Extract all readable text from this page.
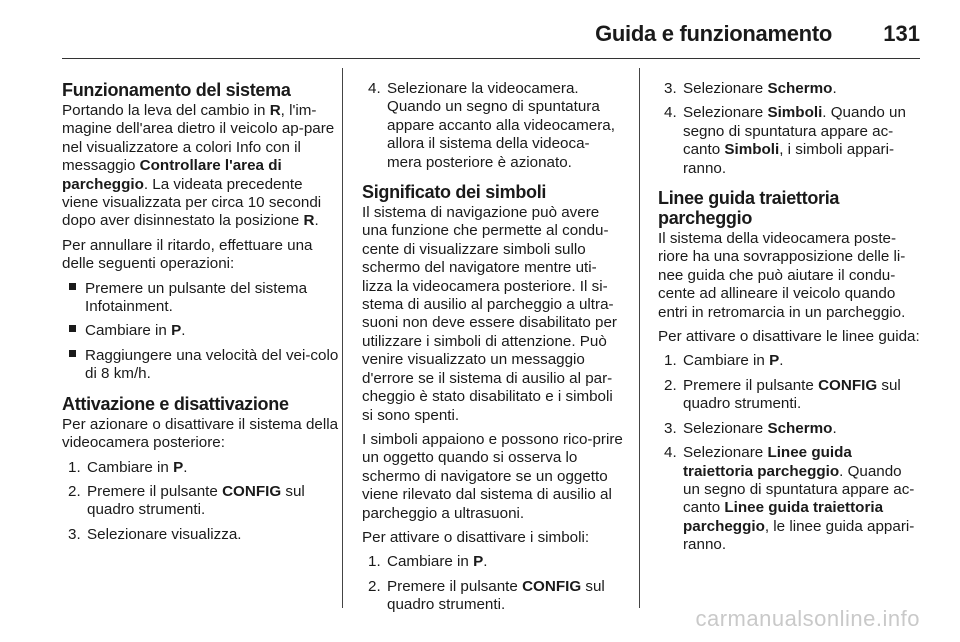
Guida e funzionamento 131
Funzionamento del sistema

Portando la leva del cambio in R, l'im-magine dell'area dietro il veicolo ap-pare nel visualizzatore a colori Info con il messaggio Controllare l'area di parcheggio. La videata precedente viene visualizzata per circa 10 secondi dopo aver disinnestato la posizione R.

Per annullare il ritardo, effettuare una delle seguenti operazioni:

Premere un pulsante del sistema Infotainment.
Cambiare in P.
Raggiungere una velocità del vei-colo di 8 km/h.
Attivazione e disattivazione

Per azionare o disattivare il sistema della videocamera posteriore:

1. Cambiare in P.
2. Premere il pulsante CONFIG sul quadro strumenti.
3. Selezionare visualizza.
4. Selezionare la videocamera. Quando un segno di spuntatura appare accanto alla videocamera, allora il sistema della videoca-mera posteriore è azionato.
Significato dei simboli

Il sistema di navigazione può avere una funzione che permette al condu-cente di visualizzare simboli sullo schermo del navigatore mentre uti-lizza la videocamera posteriore. Il si-stema di ausilio al parcheggio a ultra-suoni non deve essere disabilitato per utilizzare i simboli di attenzione. Può venire visualizzato un messaggio d'errore se il sistema di ausilio al par-cheggio è stato disabilitato e i simboli si sono spenti.

I simboli appaiono e possono rico-prire un oggetto quando si osserva lo schermo di navigatore se un oggetto viene rilevato dal sistema di ausilio al parcheggio a ultrasuoni.

Per attivare o disattivare i simboli:

1. Cambiare in P.
2. Premere il pulsante CONFIG sul quadro strumenti.
3. Selezionare Schermo.
4. Selezionare Simboli. Quando un segno di spuntatura appare ac-canto Simboli, i simboli appari-ranno.
Linee guida traiettoria parcheggio

Il sistema della videocamera poste-riore ha una sovrapposizione delle li-nee guida che può aiutare il condu-cente ad allineare il veicolo quando entri in retromarcia in un parcheggio.

Per attivare o disattivare le linee guida:

1. Cambiare in P.
2. Premere il pulsante CONFIG sul quadro strumenti.
3. Selezionare Schermo.
4. Selezionare Linee guida traiettoria parcheggio. Quando un segno di spuntatura appare ac-canto Linee guida traiettoria parcheggio, le linee guida appari-ranno.
carmanualsonline.info
